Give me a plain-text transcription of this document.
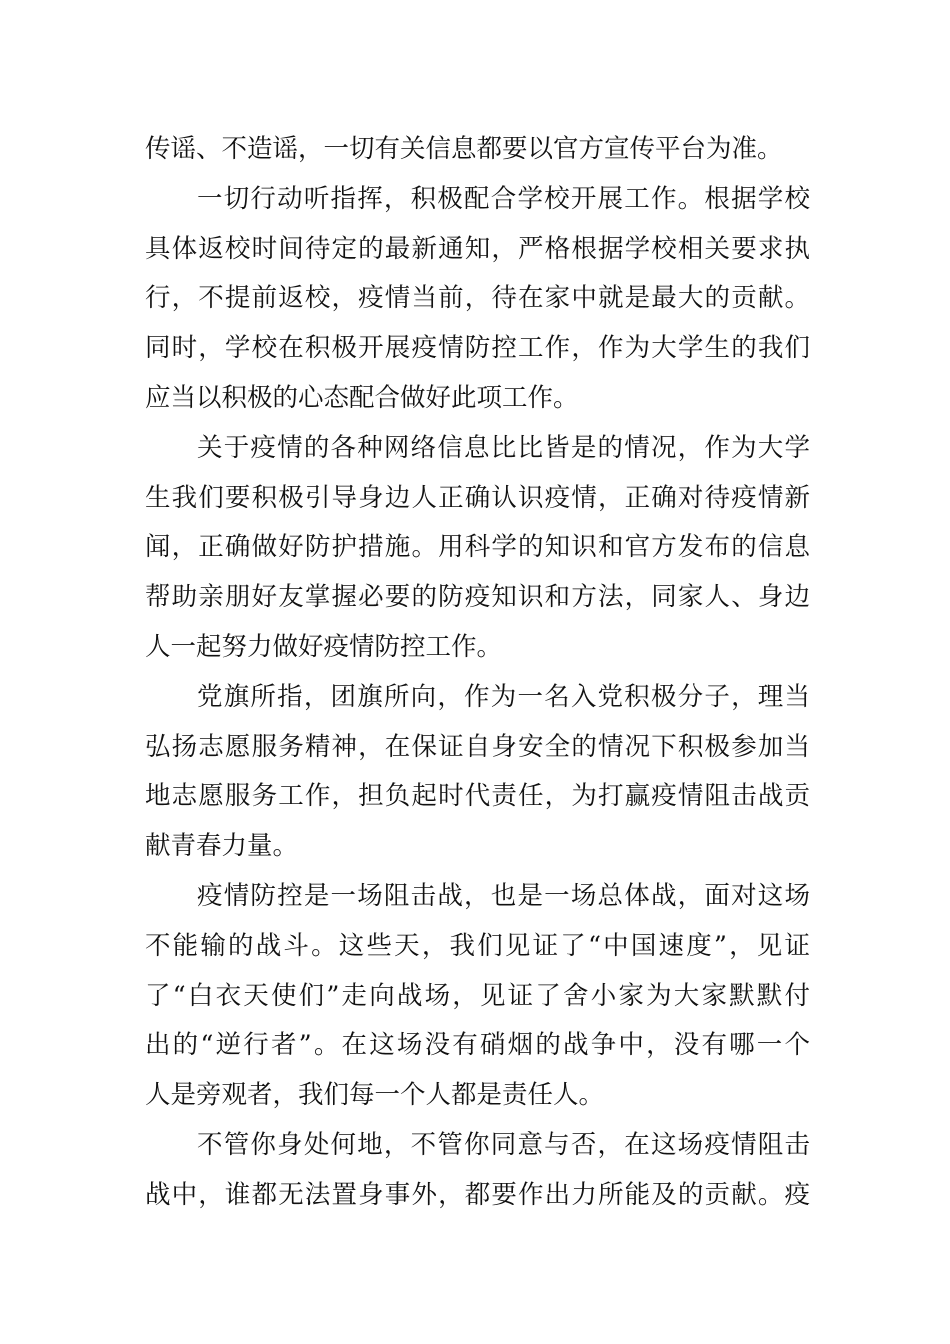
传谣、不造谣，一切有关信息都要以官方宣传平台为准。
一切行动听指挥，积极配合学校开展工作。根据学校
具体返校时间待定的最新通知，严格根据学校相关要求执
行，不提前返校，疫情当前，待在家中就是最大的贡献。
同时，学校在积极开展疫情防控工作，作为大学生的我们
应当以积极的心态配合做好此项工作。
关于疫情的各种网络信息比比皆是的情况，作为大学
生我们要积极引导身边人正确认识疫情，正确对待疫情新
闻，正确做好防护措施。用科学的知识和官方发布的信息
帮助亲朋好友掌握必要的防疫知识和方法，同家人、身边
人一起努力做好疫情防控工作。
党旗所指，团旗所向，作为一名入党积极分子，理当
弘扬志愿服务精神，在保证自身安全的情况下积极参加当
地志愿服务工作，担负起时代责任，为打赢疫情阻击战贡
献青春力量。
疫情防控是一场阻击战，也是一场总体战，面对这场
不能输的战斗。这些天，我们见证了“中国速度”，见证
了“白衣天使们”走向战场，见证了舍小家为大家默默付
出的“逆行者”。在这场没有硝烟的战争中，没有哪一个
人是旁观者，我们每一个人都是责任人。
不管你身处何地，不管你同意与否，在这场疫情阻击
战中，谁都无法置身事外，都要作出力所能及的贡献。疫
